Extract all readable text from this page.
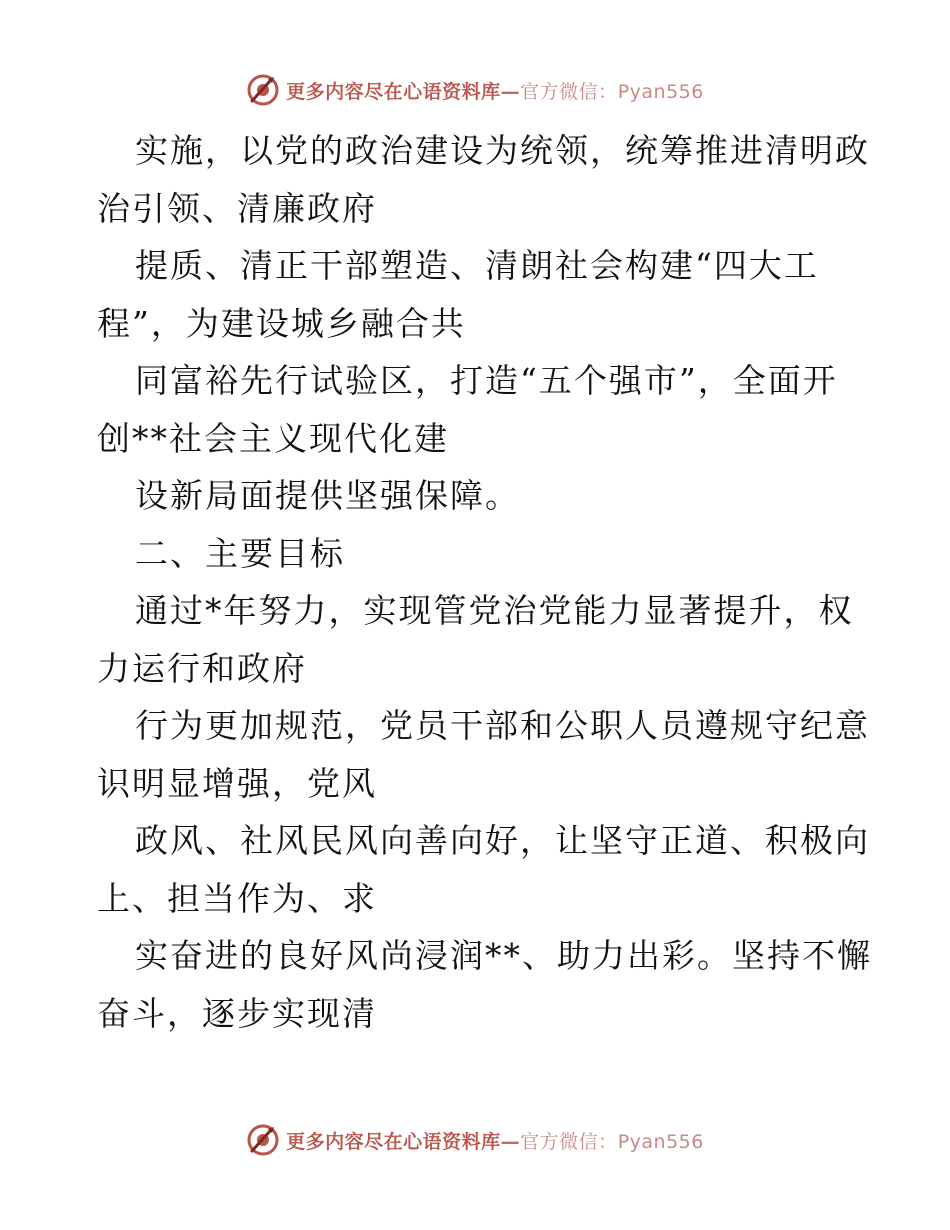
更多内容尽在心语资料库—官方微信：Pyan556
实施，以党的政治建设为统领，统筹推进清明政
治引领、清廉政府
提质、清正干部塑造、清朗社会构建“四大工
程”，为建设城乡融合共
同富裕先行试验区，打造“五个强市”，全面开
创**社会主义现代化建
设新局面提供坚强保障。
二、主要目标
通过*年努力，实现管党治党能力显著提升，权
力运行和政府
行为更加规范，党员干部和公职人员遵规守纪意
识明显增强，党风
政风、社风民风向善向好，让坚守正道、积极向
上、担当作为、求
实奋进的良好风尚浸润**、助力出彩。坚持不懈
奋斗，逐步实现清
更多内容尽在心语资料库—官方微信：Pyan556
